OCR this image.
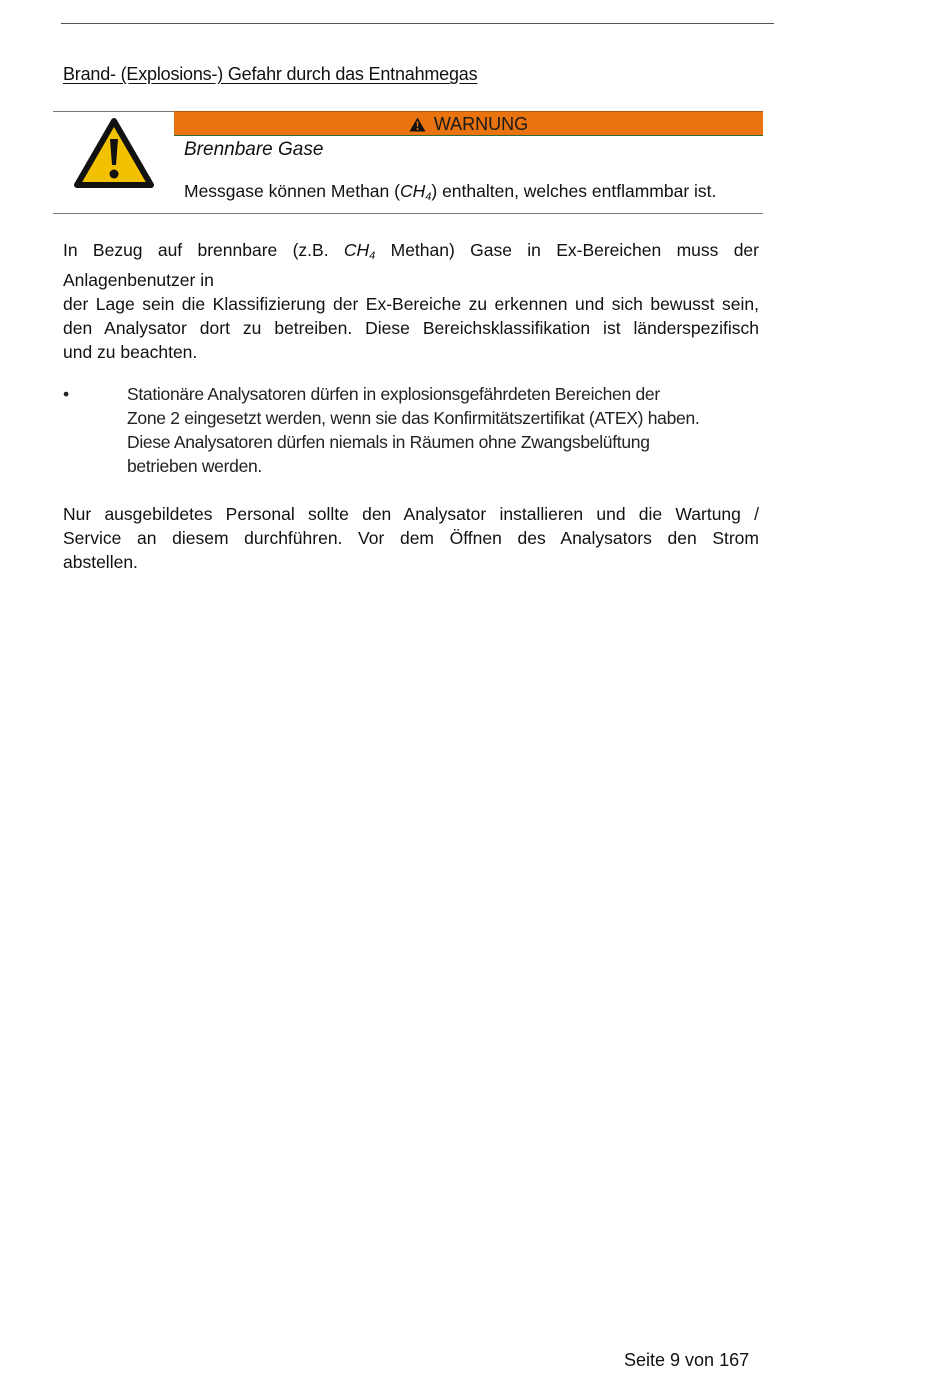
Brand- (Explosions-) Gefahr durch das Entnahmegas
WARNUNG
Brennbare Gase
Messgase können Methan $(CH_4)$ enthalten, welches entflammbar ist.
In Bezug auf brennbare (z.B. $CH_4$ Methan) Gase in Ex-Bereichen muss der
Anlagenbenutzer in
der Lage sein die Klassifizierung der Ex-Bereiche zu erkennen und sich bewusst sein,
den Analysator dort zu betreiben. Diese Bereichsklassifikation ist länderspezifisch
und zu beachten.
•	Stationäre Analysatoren dürfen in explosionsgefährdeten Bereichen der
Zone 2 eingesetzt werden, wenn sie das Konfirmitätszertifikat (ATEX) haben.
Diese Analysatoren dürfen niemals in Räumen ohne Zwangsbelüftung
betrieben werden.
Nur ausgebildetes Personal sollte den Analysator installieren und die Wartung /
Service an diesem durchführen. Vor dem Öffnen des Analysators den Strom
abstellen.
Seite 9 von 167
